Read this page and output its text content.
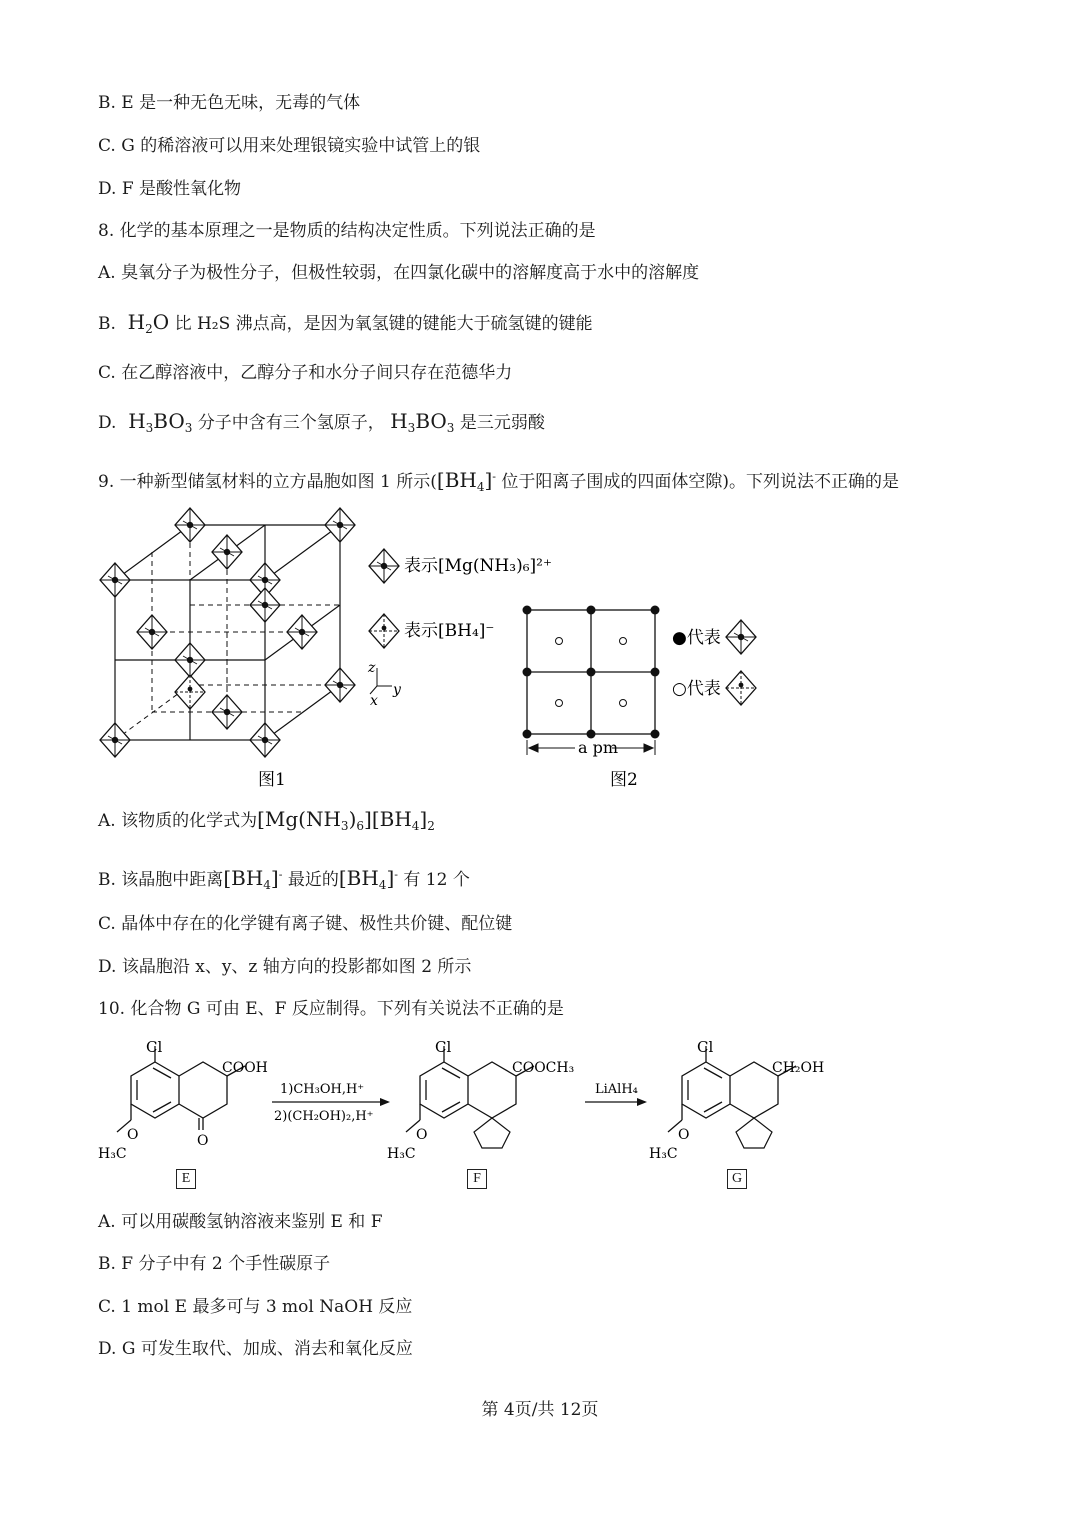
B. E 是一种无色无味，无毒的气体
C. G 的稀溶液可以用来处理银镜实验中试管上的银
D. F 是酸性氧化物
8. 化学的基本原理之一是物质的结构决定性质。下列说法正确的是
A. 臭氧分子为极性分子，但极性较弱，在四氯化碳中的溶解度高于水中的溶解度
B.  $H_2O$ 比 H₂S 沸点高，是因为氧氢键的键能大于硫氢键的键能
C. 在乙醇溶液中，乙醇分子和水分子间只存在范德华力
D.  $H_3BO_3$ 分子中含有三个氢原子， $H_3BO_3$ 是三元弱酸
9. 一种新型储氢材料的立方晶胞如图 1 所示($[BH_4]^-$ 位于阳离子围成的四面体空隙)。下列说法不正确的是
z
y
x
表示[Mg(NH₃)₆]²⁺
表示[BH₄]⁻
a pm
●代表
○代表
图1	图2
A. 该物质的化学式为$[Mg(NH_3)_6][BH_4]_2$
B. 该晶胞中距离$[BH_4]^-$ 最近的$[BH_4]^-$ 有 12 个
C. 晶体中存在的化学键有离子键、极性共价键、配位键
D. 该晶胞沿 x、y、z 轴方向的投影都如图 2 所示
10. 化合物 G 可由 E、F 反应制得。下列有关说法不正确的是
Cl
COOH
O
O
H₃C
1)CH₃OH,H⁺
2)(CH₂OH)₂,H⁺
Cl
COOCH₃
O
H₃C
LiAlH₄
Cl
CH₂OH
O
H₃C
E	F	G
A. 可以用碳酸氢钠溶液来鉴别 E 和 F
B. F 分子中有 2 个手性碳原子
C. 1 mol E 最多可与 3 mol NaOH 反应
D. G 可发生取代、加成、消去和氧化反应
第 4页/共 12页
